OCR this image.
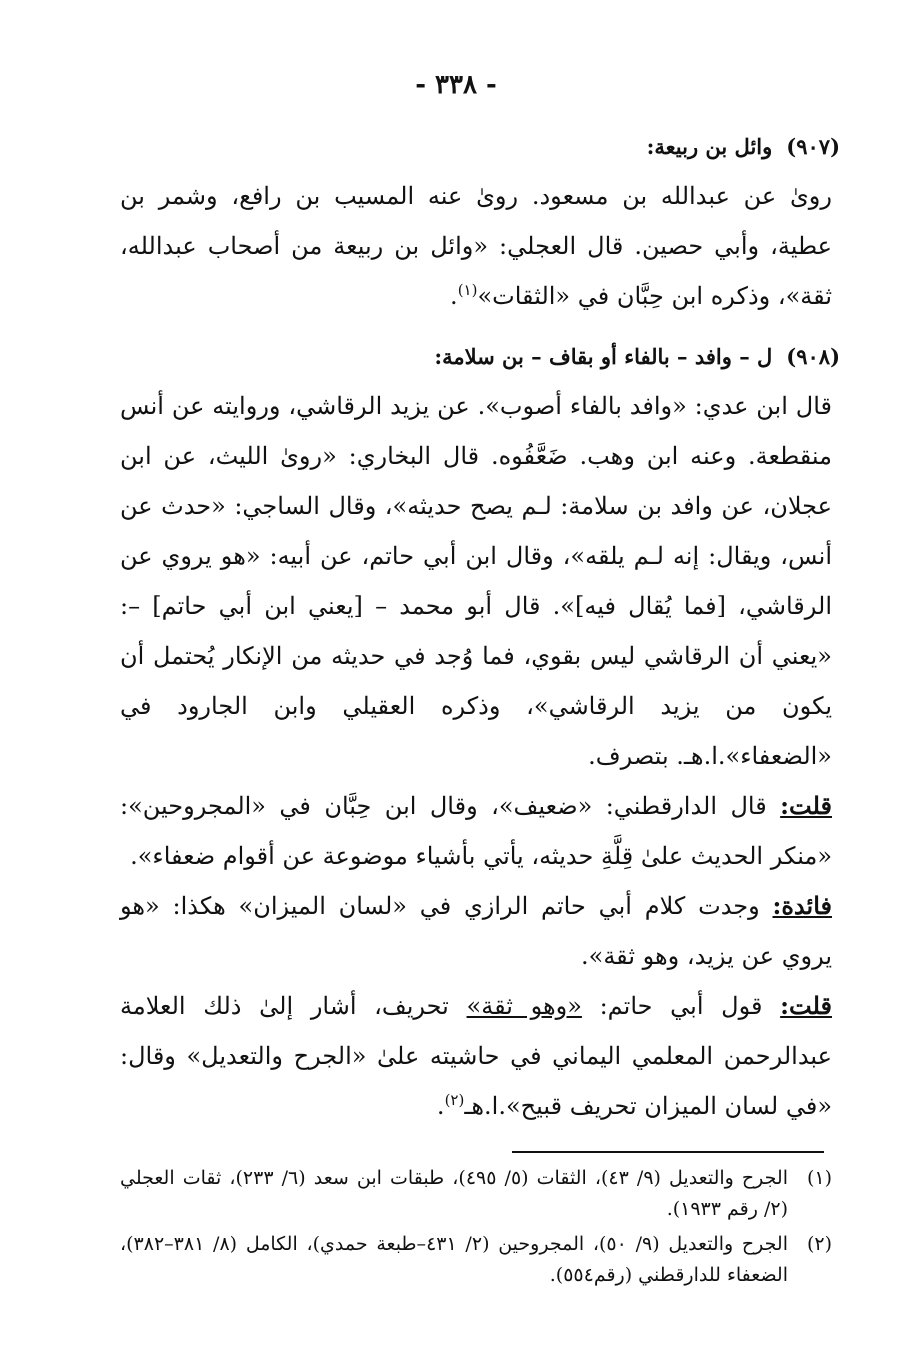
- ٣٣٨ -
(٩٠٧)وائل بن ربيعة:

روىٰ عن عبدالله بن مسعود. روىٰ عنه المسيب بن رافع، وشمر بن عطية، وأبي حصين. قال العجلي: «وائل بن ربيعة من أصحاب عبدالله، ثقة»، وذكره ابن حِبَّان في «الثقات»$^{(١)}$.

(٩٠٨)ل – وافد – بالفاء أو بقاف – بن سلامة:

قال ابن عدي: «وافد بالفاء أصوب». عن يزيد الرقاشي، وروايته عن أنس منقطعة. وعنه ابن وهب. ضَعَّفُوه. قال البخاري: «روىٰ الليث، عن ابن عجلان، عن وافد بن سلامة: لـم يصح حديثه»، وقال الساجي: «حدث عن أنس، ويقال: إنه لـم يلقه»، وقال ابن أبي حاتم، عن أبيه: «هو يروي عن الرقاشي، [فما يُقال فيه]». قال أبو محمد – [يعني ابن أبي حاتم] –: «يعني أن الرقاشي ليس بقوي، فما وُجد في حديثه من الإنكار يُحتمل أن يكون من يزيد الرقاشي»، وذكره العقيلي وابن الجارود في «الضعفاء».ا.هـ. بتصرف.

قلت: قال الدارقطني: «ضعيف»، وقال ابن حِبَّان في «المجروحين»: «منكر الحديث علىٰ قِلَّةِ حديثه، يأتي بأشياء موضوعة عن أقوام ضعفاء».

فائدة: وجدت كلام أبي حاتم الرازي في «لسان الميزان» هكذا: «هو يروي عن يزيد، وهو ثقة».

قلت: قول أبي حاتم: «وهو ثقة» تحريف، أشار إلىٰ ذلك العلامة عبدالرحمن المعلمي اليماني في حاشيته علىٰ «الجرح والتعديل» وقال: «في لسان الميزان تحريف قبيح».ا.هـ$^{(٢)}$.

(١)الجرح والتعديل (٩/ ٤٣)، الثقات (٥/ ٤٩٥)، طبقات ابن سعد (٦/ ٢٣٣)، ثقات العجلي (٢/ رقم ١٩٣٣).

(٢)الجرح والتعديل (٩/ ٥٠)، المجروحين (٢/ ٤٣١–طبعة حمدي)، الكامل (٨/ ٣٨١–٣٨٢)، الضعفاء للدارقطني (رقم٥٥٤).
